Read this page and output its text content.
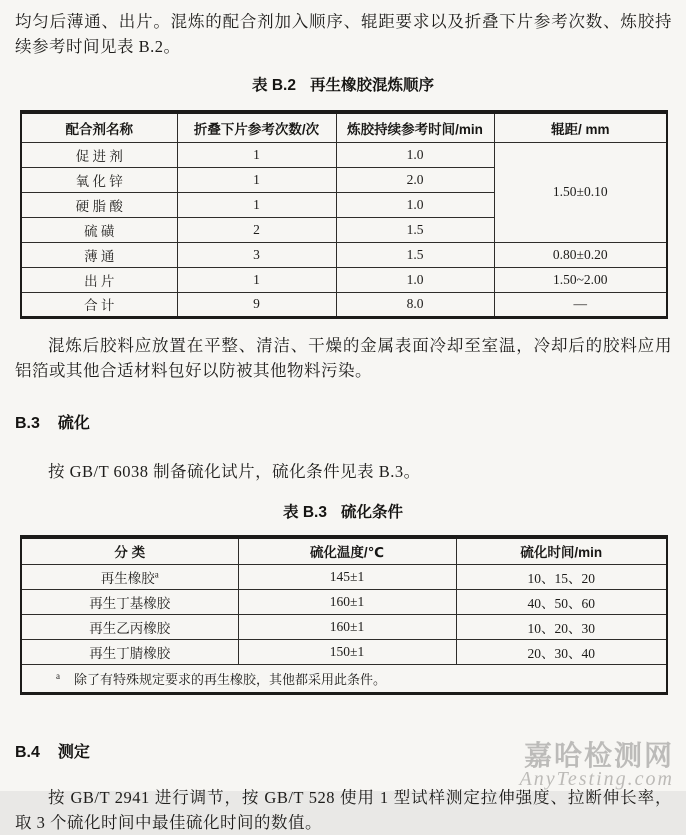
均匀后薄通、出片。混炼的配合剂加入顺序、辊距要求以及折叠下片参考次数、炼胶持续参考时间见表 B.2。

表 B.2 再生橡胶混炼顺序
配合剂名称	折叠下片参考次数/次	炼胶持续参考时间/min	辊距/ mm
促 进 剂	1	1.0	1.50±0.10
氧 化 锌	1	2.0	
硬 脂 酸	1	1.0	
硫 磺	2	1.5	
薄 通	3	1.5	0.80±0.20
出 片	1	1.0	1.50~2.00
合 计	9	8.0	—

混炼后胶料应放置在平整、清洁、干燥的金属表面冷却至室温，冷却后的胶料应用铝箔或其他合适材料包好以防被其他物料污染。

B.3 硫化

按 GB/T 6038 制备硫化试片，硫化条件见表 B.3。

表 B.3 硫化条件
分 类	硫化温度/℃	硫化时间/min
再生橡胶$^a$	145±1	10、15、20
再生丁基橡胶	160±1	40、50、60
再生乙丙橡胶	160±1	10、20、30
再生丁腈橡胶	150±1	20、30、40
$^a$ 除了有特殊规定要求的再生橡胶，其他都采用此条件。		
B.4 测定

按 GB/T 2941 进行调节，按 GB/T 528 使用 1 型试样测定拉伸强度、拉断伸长率，取 3 个硫化时间中最佳硫化时间的数值。

嘉哈检测网
AnyTesting.com
